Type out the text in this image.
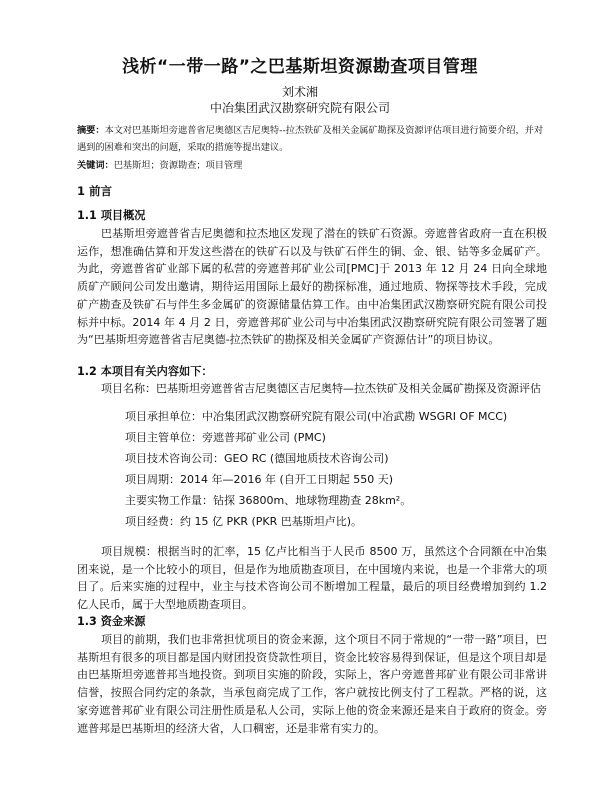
浅析“一带一路”之巴基斯坦资源勘查项目管理
刘术湘
中冶集团武汉勘察研究院有限公司
摘要：本文对巴基斯坦旁遮普省尼奥德区吉尼奥特--拉杰铁矿及相关金属矿勘探及资源评估项目进行简要介绍，并对遇到的困难和突出的问题，采取的措施等提出建议。
关键词：巴基斯坦；资源勘查；项目管理
1 前言
1.1 项目概况
巴基斯坦旁遮普省吉尼奥德和拉杰地区发现了潜在的铁矿石资源。旁遮普省政府一直在积极运作，想准确估算和开发这些潜在的铁矿石以及与铁矿石伴生的铜、金、银、钴等多金属矿产。为此，旁遮普省矿业部下属的私营的旁遮普邦矿业公司[PMC]于 2013 年 12 月 24 日向全球地质矿产顾问公司发出邀请，期待运用国际上最好的勘探标准，通过地质、物探等技术手段，完成矿产勘查及铁矿石与伴生多金属矿的资源储量估算工作。由中冶集团武汉勘察研究院有限公司投标并中标。2014 年 4 月 2 日，旁遮普邦矿业公司与中冶集团武汉勘察研究院有限公司签署了题为“巴基斯坦旁遮普省吉尼奥德-拉杰铁矿的勘探及相关金属矿产资源估计”的项目协议。
1.2 本项目有关内容如下：
项目名称：巴基斯坦旁遮普省吉尼奥德区吉尼奥特—拉杰铁矿及相关金属矿勘探及资源评估
项目承担单位：中冶集团武汉勘察研究院有限公司(中冶武勘 WSGRI OF MCC)
项目主管单位：旁遮普邦矿业公司 (PMC)
项目技术咨询公司：GEO RC (德国地质技术咨询公司)
项目周期：2014 年—2016 年 (自开工日期起 550 天)
主要实物工作量：钻探 36800m、地球物理勘查 28km²。
项目经费：约 15 亿 PKR (PKR 巴基斯坦卢比)。
项目规模：根据当时的汇率，15 亿卢比相当于人民币 8500 万，虽然这个合同额在中冶集团来说，是一个比较小的项目，但是作为地质勘查项目，在中国境内来说，也是一个非常大的项目了。后来实施的过程中，业主与技术咨询公司不断增加工程量，最后的项目经费增加到约 1.2 亿人民币，属于大型地质勘查项目。
1.3 资金来源
项目的前期，我们也非常担忧项目的资金来源，这个项目不同于常规的“一带一路”项目，巴基斯坦有很多的项目都是国内财团投资贷款性项目，资金比较容易得到保证，但是这个项目却是由巴基斯坦旁遮普邦当地投资。到项目实施的阶段，实际上，客户旁遮普邦矿业有限公司非常讲信誉，按照合同约定的条款，当承包商完成了工作，客户就按比例支付了工程款。严格的说，这家旁遮普邦矿业有限公司注册性质是私人公司，实际上他的资金来源还是来自于政府的资金。旁遮普邦是巴基斯坦的经济大省，人口稠密，还是非常有实力的。
